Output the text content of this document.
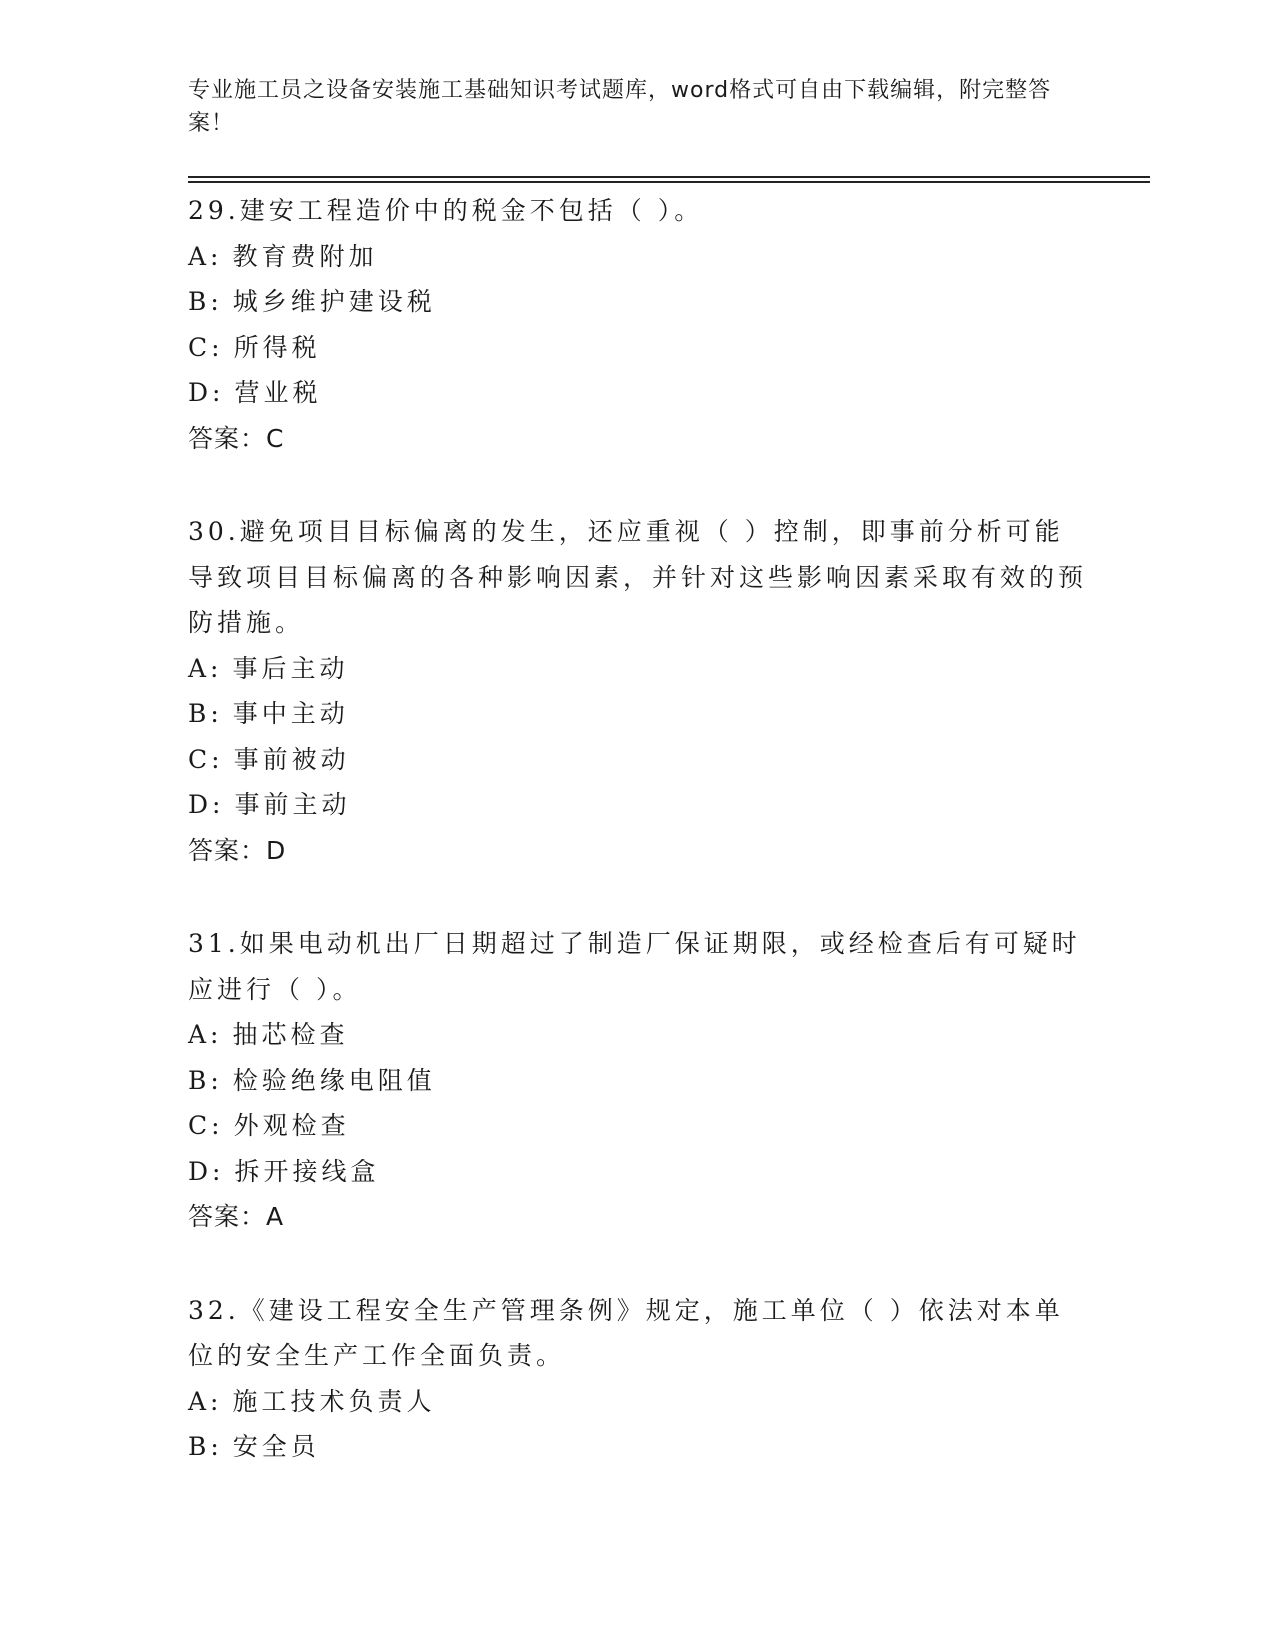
专业施工员之设备安装施工基础知识考试题库，word格式可自由下载编辑，附完整答案！
29.建安工程造价中的税金不包括（ ）。
A: 教育费附加
B: 城乡维护建设税
C: 所得税
D: 营业税
答案：C
30.避免项目目标偏离的发生，还应重视（ ）控制，即事前分析可能导致项目目标偏离的各种影响因素，并针对这些影响因素采取有效的预防措施。
A: 事后主动
B: 事中主动
C: 事前被动
D: 事前主动
答案：D
31.如果电动机出厂日期超过了制造厂保证期限，或经检查后有可疑时应进行（ ）。
A: 抽芯检查
B: 检验绝缘电阻值
C: 外观检查
D: 拆开接线盒
答案：A
32.《建设工程安全生产管理条例》规定，施工单位（ ）依法对本单位的安全生产工作全面负责。
A: 施工技术负责人
B: 安全员
